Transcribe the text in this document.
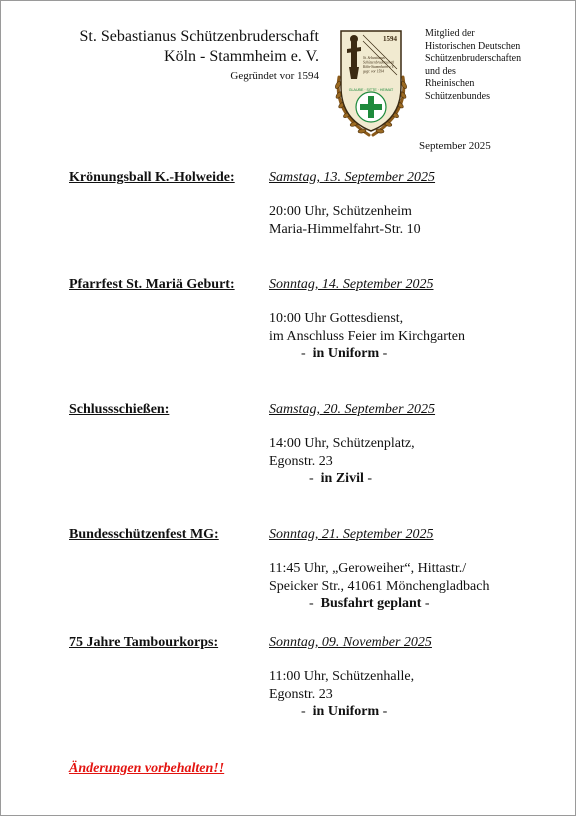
St. Sebastianus Schützenbruderschaft
Köln - Stammheim e. V.
Gegründet vor 1594
1594
St. Sebastianus
Schützenbruderschaft
Köln-Stammheim e.V.
gegr. vor 1594
GLAUBE · SITTE · HEIMAT
Mitglied der
Historischen Deutschen
Schützenbruderschaften
und des
Rheinischen
Schützenbundes
September 2025
Krönungsball K.-Holweide: Samstag, 13. September 2025
20:00 Uhr, Schützenheim
Maria-Himmelfahrt-Str. 10
Pfarrfest St. Mariä Geburt: Sonntag, 14. September 2025
10:00 Uhr Gottesdienst,
im Anschluss Feier im Kirchgarten
-  in Uniform -
Schlussschießen:	Samstag, 20. September 2025
14:00 Uhr, Schützenplatz,
Egonstr. 23
-  in Zivil -
Bundesschützenfest MG:	Sonntag, 21. September 2025
11:45 Uhr, „Geroweiher“, Hittastr./
Speicker Str., 41061 Mönchengladbach
-  Busfahrt geplant -
75 Jahre Tambourkorps:	Sonntag, 09. November 2025
11:00 Uhr, Schützenhalle,
Egonstr. 23
-  in Uniform -
Änderungen vorbehalten!!
